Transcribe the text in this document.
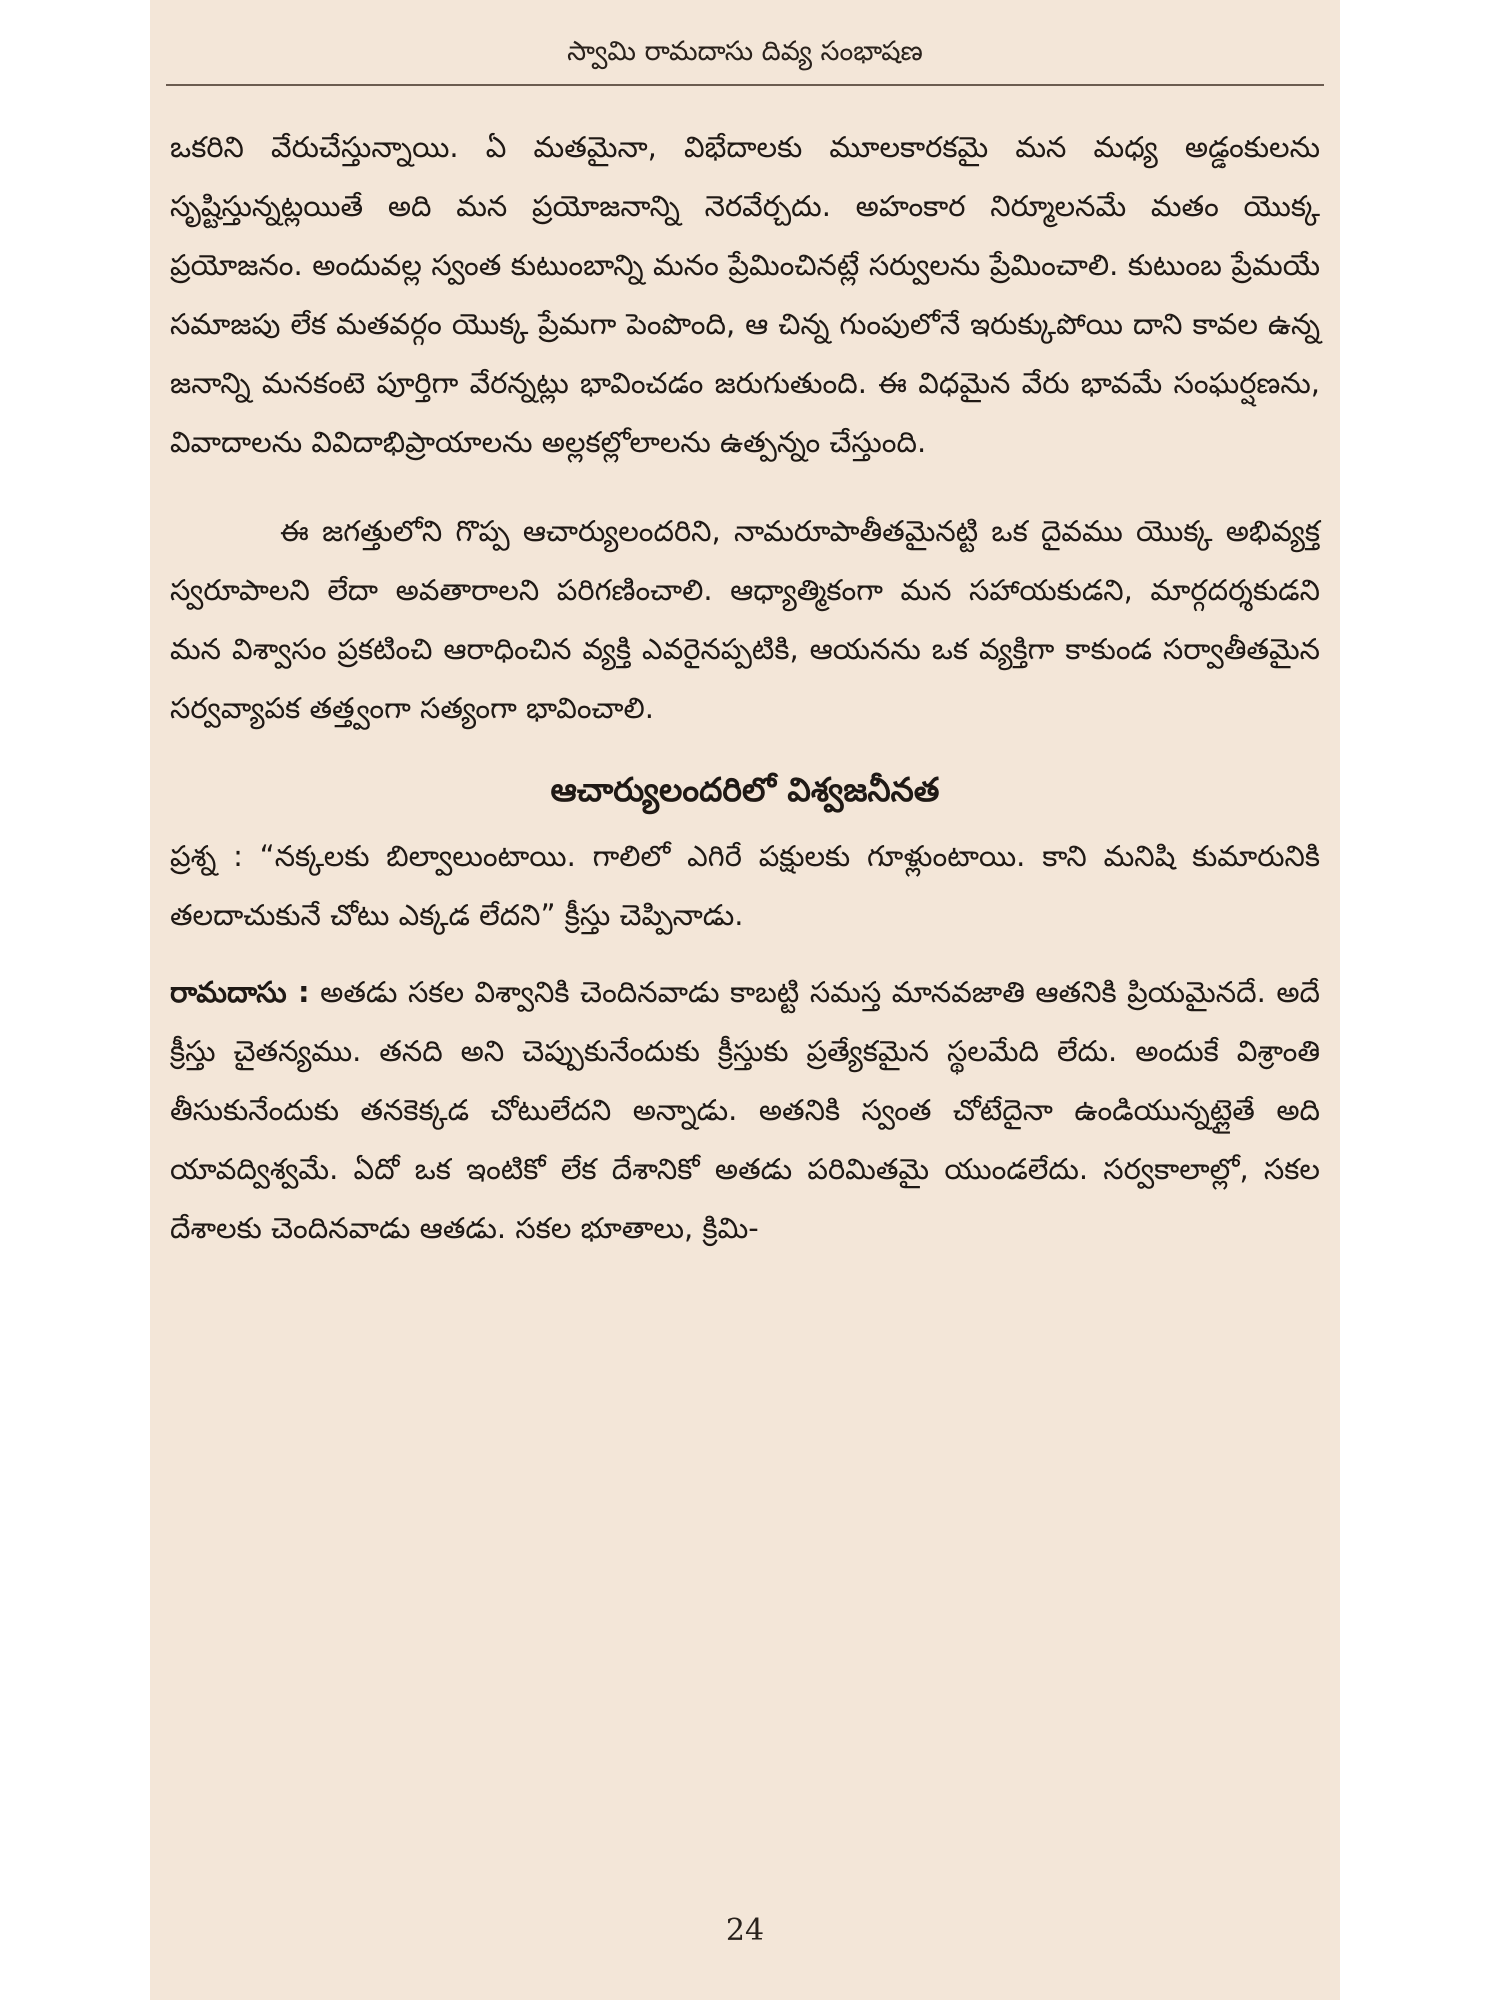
స్వామి రామదాసు దివ్య సంభాషణ

ఒకరిని వేరుచేస్తున్నాయి. ఏ మతమైనా, విభేదాలకు మూలకారకమై మన మధ్య అడ్డంకులను సృష్టిస్తున్నట్లయితే అది మన ప్రయోజనాన్ని నెరవేర్చదు. అహంకార నిర్మూలనమే మతం యొక్క ప్రయోజనం. అందువల్ల స్వంత కుటుంబాన్ని మనం ప్రేమించినట్లే సర్వులను ప్రేమించాలి. కుటుంబ ప్రేమయే సమాజపు లేక మతవర్గం యొక్క ప్రేమగా పెంపొంది, ఆ చిన్న గుంపులోనే ఇరుక్కుపోయి దాని కావల ఉన్న జనాన్ని మనకంటె పూర్తిగా వేరన్నట్లు భావించడం జరుగుతుంది. ఈ విధమైన వేరు భావమే సంఘర్షణను, వివాదాలను వివిదాభిప్రాయాలను అల్లకల్లోలాలను ఉత్పన్నం చేస్తుంది.

ఈ జగత్తులోని గొప్ప ఆచార్యులందరిని, నామరూపాతీతమైనట్టి ఒక దైవము యొక్క అభివ్యక్త స్వరూపాలని లేదా అవతారాలని పరిగణించాలి. ఆధ్యాత్మికంగా మన సహాయకుడని, మార్గదర్శకుడని మన విశ్వాసం ప్రకటించి ఆరాధించిన వ్యక్తి ఎవరైనప్పటికి, ఆయనను ఒక వ్యక్తిగా కాకుండ సర్వాతీతమైన సర్వవ్యాపక తత్త్వంగా సత్యంగా భావించాలి.

ఆచార్యులందరిలో విశ్వజనీనత

ప్రశ్న : “నక్కలకు బిల్వాలుంటాయి. గాలిలో ఎగిరే పక్షులకు గూళ్లుంటాయి. కాని మనిషి కుమారునికి తలదాచుకునే చోటు ఎక్కడ లేదని” క్రీస్తు చెప్పినాడు.

రామదాసు : అతడు సకల విశ్వానికి చెందినవాడు కాబట్టి సమస్త మానవజాతి ఆతనికి ప్రియమైనదే. అదే క్రీస్తు చైతన్యము. తనది అని చెప్పుకునేందుకు క్రీస్తుకు ప్రత్యేకమైన స్థలమేది లేదు. అందుకే విశ్రాంతి తీసుకునేందుకు తనకెక్కడ చోటులేదని అన్నాడు. అతనికి స్వంత చోటేదైనా ఉండియున్నట్లైతే అది యావద్విశ్వమే. ఏదో ఒక ఇంటికో లేక దేశానికో అతడు పరిమితమై యుండలేదు. సర్వకాలాల్లో, సకల దేశాలకు చెందినవాడు ఆతడు. సకల భూతాలు, క్రిమి-

24
